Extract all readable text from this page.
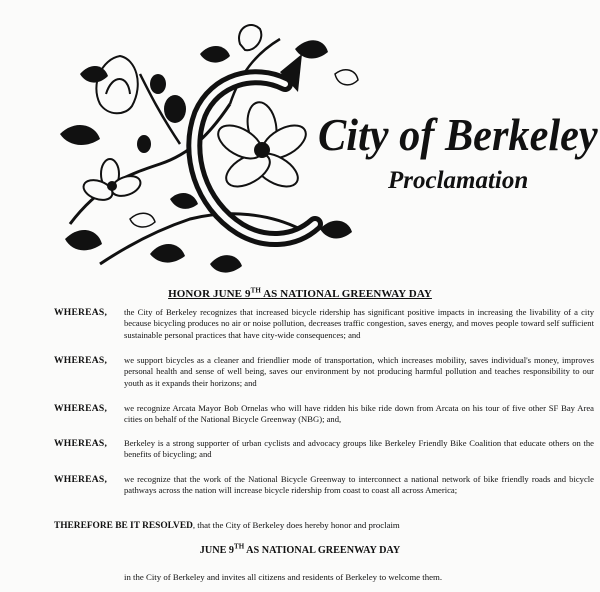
City of Berkeley
Proclamation
HONOR JUNE 9TH AS NATIONAL GREENWAY DAY
WHEREAS, the City of Berkeley recognizes that increased bicycle ridership has significant positive impacts in increasing the livability of a city because bicycling produces no air or noise pollution, decreases traffic congestion, saves energy, and moves people toward self sufficient sustainable personal practices that have city-wide consequences; and
WHEREAS, we support bicycles as a cleaner and friendlier mode of transportation, which increases mobility, saves individual's money, improves personal health and sense of well being, saves our environment by not producing harmful pollution and teaches responsibility to our youth as it expands their horizons; and
WHEREAS, we recognize Arcata Mayor Bob Ornelas who will have ridden his bike ride down from Arcata on his tour of five other SF Bay Area cities on behalf of the National Bicycle Greenway (NBG); and,
WHEREAS, Berkeley is a strong supporter of urban cyclists and advocacy groups like Berkeley Friendly Bike Coalition that educate others on the benefits of bicycling; and
WHEREAS, we recognize that the work of the National Bicycle Greenway to interconnect a national network of bike friendly roads and bicycle pathways across the nation will increase bicycle ridership from coast to coast all across America;
THEREFORE BE IT RESOLVED, that the City of Berkeley does hereby honor and proclaim
JUNE 9TH AS NATIONAL GREENWAY DAY
in the City of Berkeley and invites all citizens and residents of Berkeley to welcome them.
